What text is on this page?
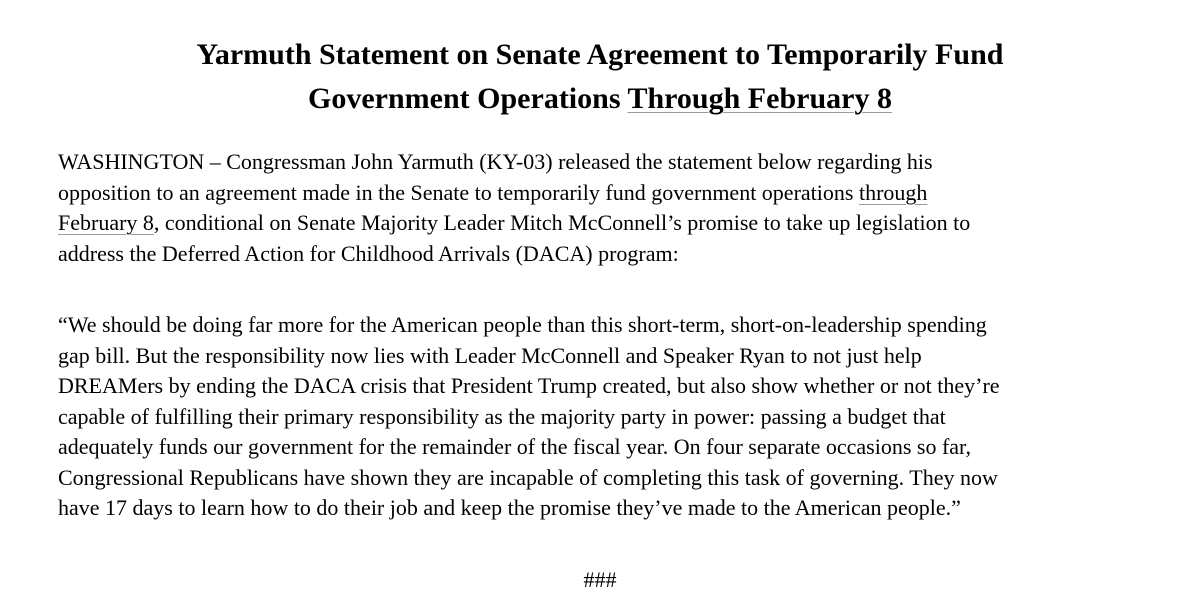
Yarmuth Statement on Senate Agreement to Temporarily Fund
Government Operations Through February 8

WASHINGTON – Congressman John Yarmuth (KY-03) released the statement below regarding his
opposition to an agreement made in the Senate to temporarily fund government operations through
February 8, conditional on Senate Majority Leader Mitch McConnell’s promise to take up legislation to
address the Deferred Action for Childhood Arrivals (DACA) program:

“We should be doing far more for the American people than this short-term, short-on-leadership spending
gap bill. But the responsibility now lies with Leader McConnell and Speaker Ryan to not just help
DREAMers by ending the DACA crisis that President Trump created, but also show whether or not they’re
capable of fulfilling their primary responsibility as the majority party in power: passing a budget that
adequately funds our government for the remainder of the fiscal year. On four separate occasions so far,
Congressional Republicans have shown they are incapable of completing this task of governing. They now
have 17 days to learn how to do their job and keep the promise they’ve made to the American people.”

###
